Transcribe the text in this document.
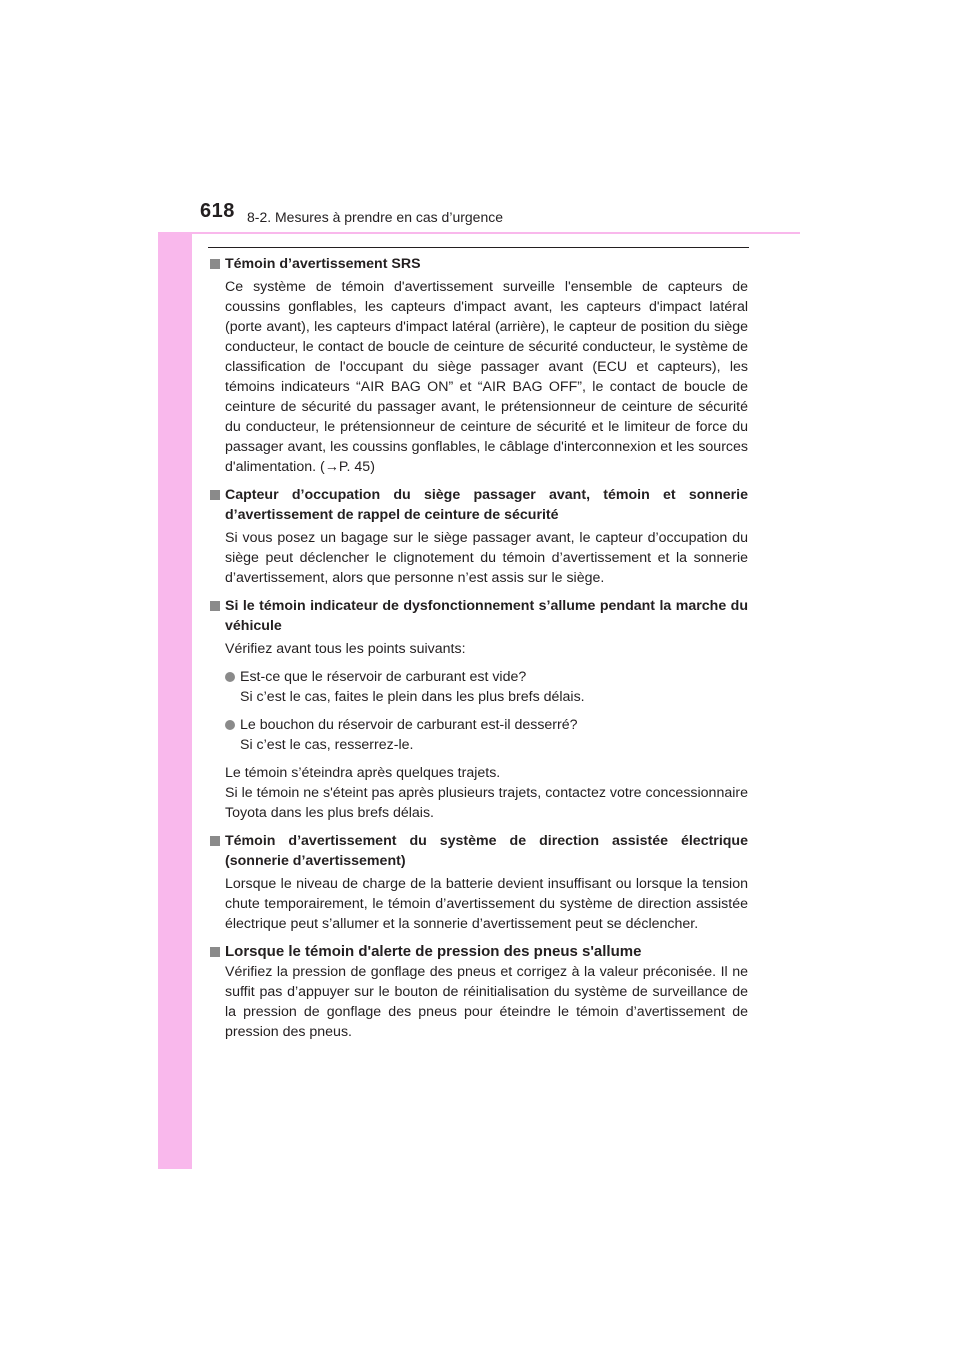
618 8-2. Mesures à prendre en cas d’urgence
Témoin d’avertissement SRS
Ce système de témoin d'avertissement surveille l'ensemble de capteurs de coussins gonflables, les capteurs d'impact avant, les capteurs d'impact latéral (porte avant), les capteurs d'impact latéral (arrière), le capteur de position du siège conducteur, le contact de boucle de ceinture de sécurité conducteur, le système de classification de l'occupant du siège passager avant (ECU et capteurs), les témoins indicateurs “AIR BAG ON” et “AIR BAG OFF”, le contact de boucle de ceinture de sécurité du passager avant, le prétensionneur de ceinture de sécurité du conducteur, le prétensionneur de ceinture de sécurité et le limiteur de force du passager avant, les coussins gonflables, le câblage d'interconnexion et les sources d'alimentation. (→P. 45)
Capteur d’occupation du siège passager avant, témoin et sonnerie d’avertissement de rappel de ceinture de sécurité
Si vous posez un bagage sur le siège passager avant, le capteur d’occupation du siège peut déclencher le clignotement du témoin d’avertissement et la sonnerie d’avertissement, alors que personne n’est assis sur le siège.
Si le témoin indicateur de dysfonctionnement s’allume pendant la marche du véhicule
Vérifiez avant tous les points suivants:
Est-ce que le réservoir de carburant est vide?
Si c’est le cas, faites le plein dans les plus brefs délais.
Le bouchon du réservoir de carburant est-il desserré?
Si c’est le cas, resserrez-le.
Le témoin s’éteindra après quelques trajets.
Si le témoin ne s'éteint pas après plusieurs trajets, contactez votre concessionnaire Toyota dans les plus brefs délais.
Témoin d’avertissement du système de direction assistée électrique (sonnerie d’avertissement)
Lorsque le niveau de charge de la batterie devient insuffisant ou lorsque la tension chute temporairement, le témoin d’avertissement du système de direction assistée électrique peut s’allumer et la sonnerie d’avertissement peut se déclencher.
Lorsque le témoin d'alerte de pression des pneus s'allume
Vérifiez la pression de gonflage des pneus et corrigez à la valeur préconisée. Il ne suffit pas d’appuyer sur le bouton de réinitialisation du système de surveillance de la pression de gonflage des pneus pour éteindre le témoin d’avertissement de pression des pneus.
